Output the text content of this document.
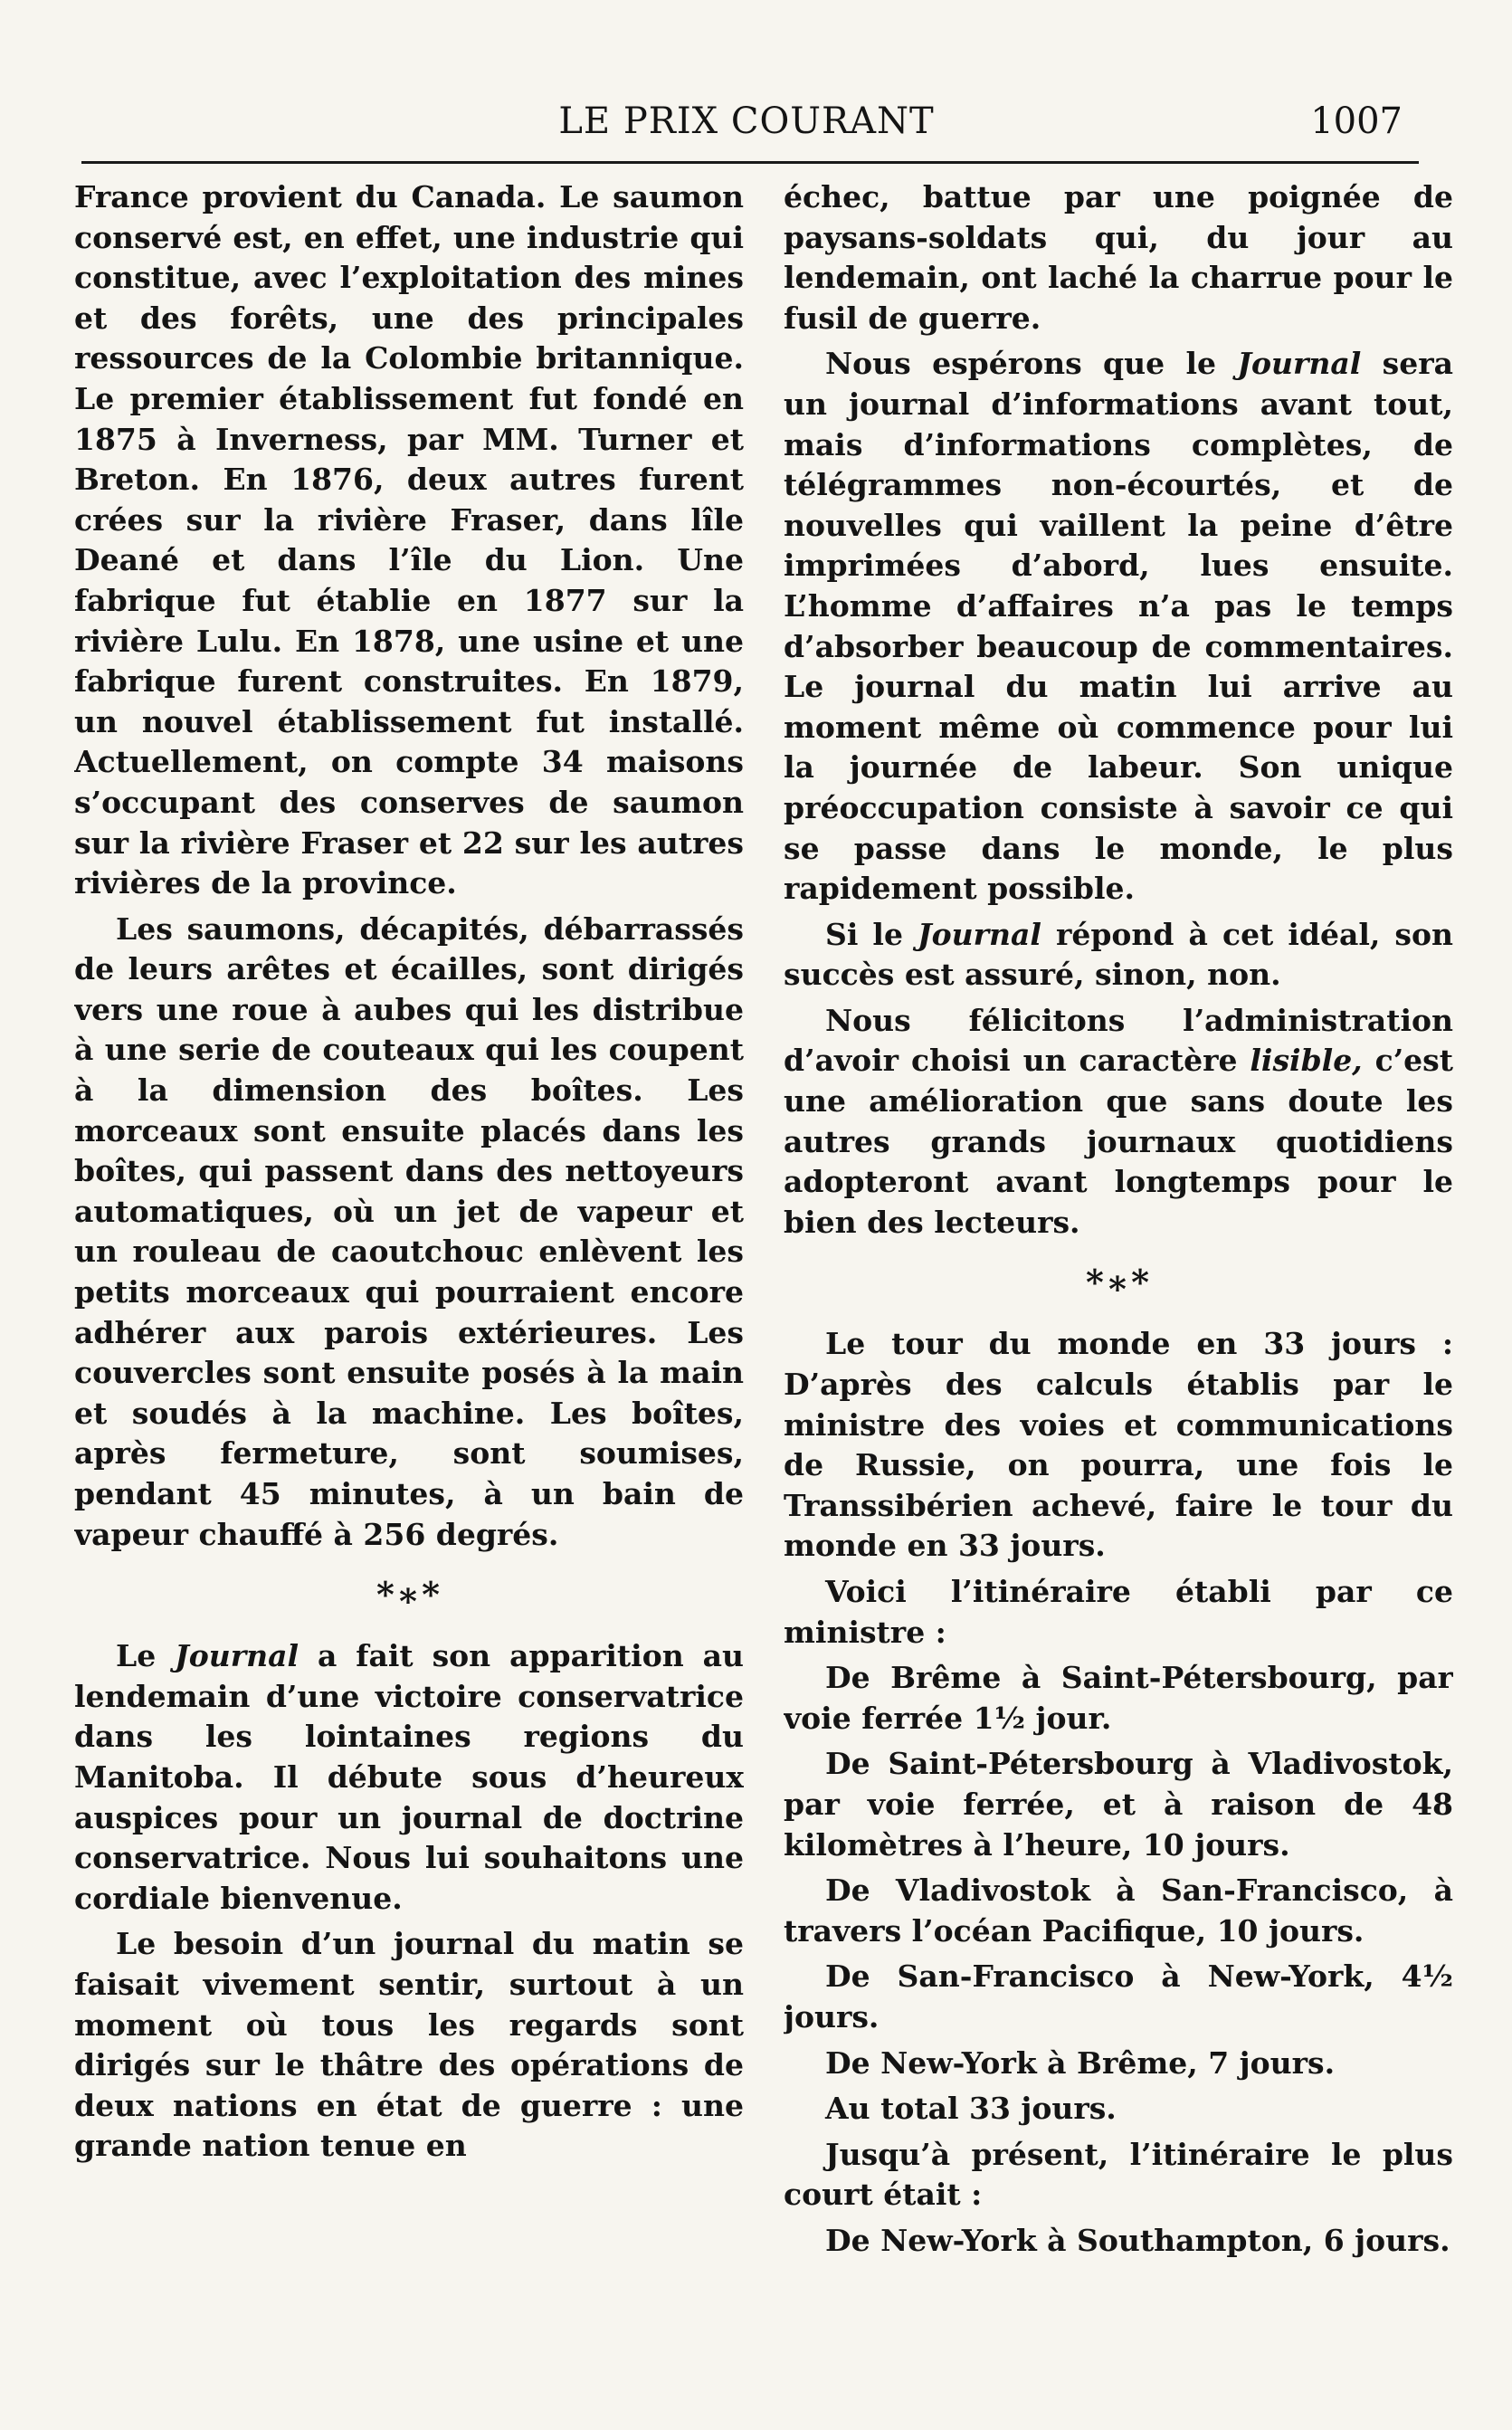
LE PRIX COURANT	1007

France provient du Canada. Le saumon conservé est, en effet, une industrie qui constitue, avec l’exploitation des mines et des forêts, une des principales ressources de la Colombie britannique. Le premier établissement fut fondé en 1875 à Inverness, par MM. Turner et Breton. En 1876, deux autres furent crées sur la rivière Fraser, dans lîle Deané et dans l’île du Lion. Une fabrique fut établie en 1877 sur la rivière Lulu. En 1878, une usine et une fabrique furent construites. En 1879, un nouvel établissement fut installé. Actuellement, on compte 34 maisons s’occupant des conserves de saumon sur la rivière Fraser et 22 sur les autres rivières de la province.

Les saumons, décapités, débarrassés de leurs arêtes et écailles, sont dirigés vers une roue à aubes qui les distribue à une serie de couteaux qui les coupent à la dimension des boîtes. Les morceaux sont ensuite placés dans les boîtes, qui passent dans des nettoyeurs automatiques, où un jet de vapeur et un rouleau de caoutchouc enlèvent les petits morceaux qui pourraient encore adhérer aux parois extérieures. Les couvercles sont ensuite posés à la main et soudés à la machine. Les boîtes, après fermeture, sont soumises, pendant 45 minutes, à un bain de vapeur chauffé à 256 degrés.

*∗*

Le Journal a fait son apparition au lendemain d’une victoire conservatrice dans les lointaines regions du Manitoba. Il débute sous d’heureux auspices pour un journal de doctrine conservatrice. Nous lui souhaitons une cordiale bienvenue.

Le besoin d’un journal du matin se faisait vivement sentir, surtout à un moment où tous les regards sont dirigés sur le thâtre des opérations de deux nations en état de guerre : une grande nation tenue en

échec, battue par une poignée de paysans-soldats qui, du jour au lendemain, ont laché la charrue pour le fusil de guerre.

Nous espérons que le Journal sera un journal d’informations avant tout, mais d’informations complètes, de télégrammes non-écourtés, et de nouvelles qui vaillent la peine d’être imprimées d’abord, lues ensuite. L’homme d’affaires n’a pas le temps d’absorber beaucoup de commentaires. Le journal du matin lui arrive au moment même où commence pour lui la journée de labeur. Son unique préoccupation consiste à savoir ce qui se passe dans le monde, le plus rapidement possible.

Si le Journal répond à cet idéal, son succès est assuré, sinon, non.

Nous félicitons l’administration d’avoir choisi un caractère lisible, c’est une amélioration que sans doute les autres grands journaux quotidiens adopteront avant longtemps pour le bien des lecteurs.

*∗*

Le tour du monde en 33 jours : D’après des calculs établis par le ministre des voies et communications de Russie, on pourra, une fois le Transsibérien achevé, faire le tour du monde en 33 jours.

Voici l’itinéraire établi par ce ministre :

De Brême à Saint-Pétersbourg, par voie ferrée 1½ jour.

De Saint-Pétersbourg à Vladivostok, par voie ferrée, et à raison de 48 kilomètres à l’heure, 10 jours.

De Vladivostok à San-Francisco, à travers l’océan Pacifique, 10 jours.

De San-Francisco à New-York, 4½ jours.

De New-York à Brême, 7 jours.

Au total 33 jours.

Jusqu’à présent, l’itinéraire le plus court était :

De New-York à Southampton, 6 jours.
